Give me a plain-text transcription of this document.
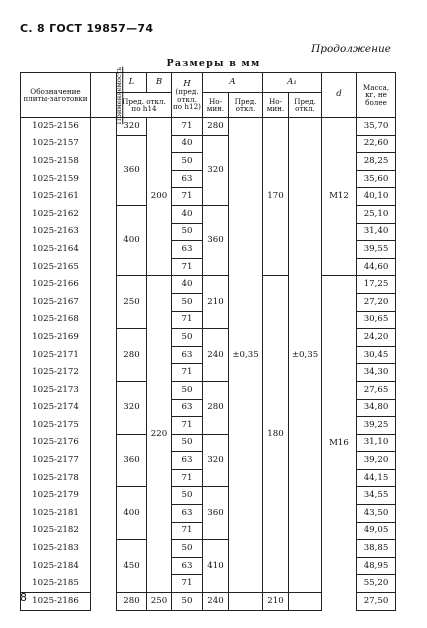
С. 8 ГОСТ 19857—74
Продолжение
Размеры в мм
Обозначение плиты-заготовки	Применяемость	L	B	H
(пред. откл. по h12)	A		A₁		d	Масса, кг, не более
		Пред. откл. по h14			Но-мин.	Пред. откл.	Но-мин.	Пред. откл.		
1025-2156		320	200	71	280	±0,35	170	±0,35	M12	35,70
1025-2157		360		40	320					22,60
1025-2158				50						28,25
1025-2159				63						35,60
1025-2161				71						40,10
1025-2162		400		40	360					25,10
1025-2163				50						31,40
1025-2164				63						39,55
1025-2165				71						44,60
1025-2166		250	220	40	210		180		M16	17,25
1025-2167				50						27,20
1025-2168				71						30,65
1025-2169		280		50	240					24,20
1025-2171				63						30,45
1025-2172				71						34,30
1025-2173		320		50	280					27,65
1025-2174				63						34,80
1025-2175				71						39,25
1025-2176		360		50	320					31,10
1025-2177				63						39,20
1025-2178				71						44,15
1025-2179		400		50	360					34,55
1025-2181				63						43,50
1025-2182				71						49,05
1025-2183		450		50	410					38,85
1025-2184				63						48,95
1025-2185				71						55,20
1025-2186		280	250	50	240		210			27,50
8
